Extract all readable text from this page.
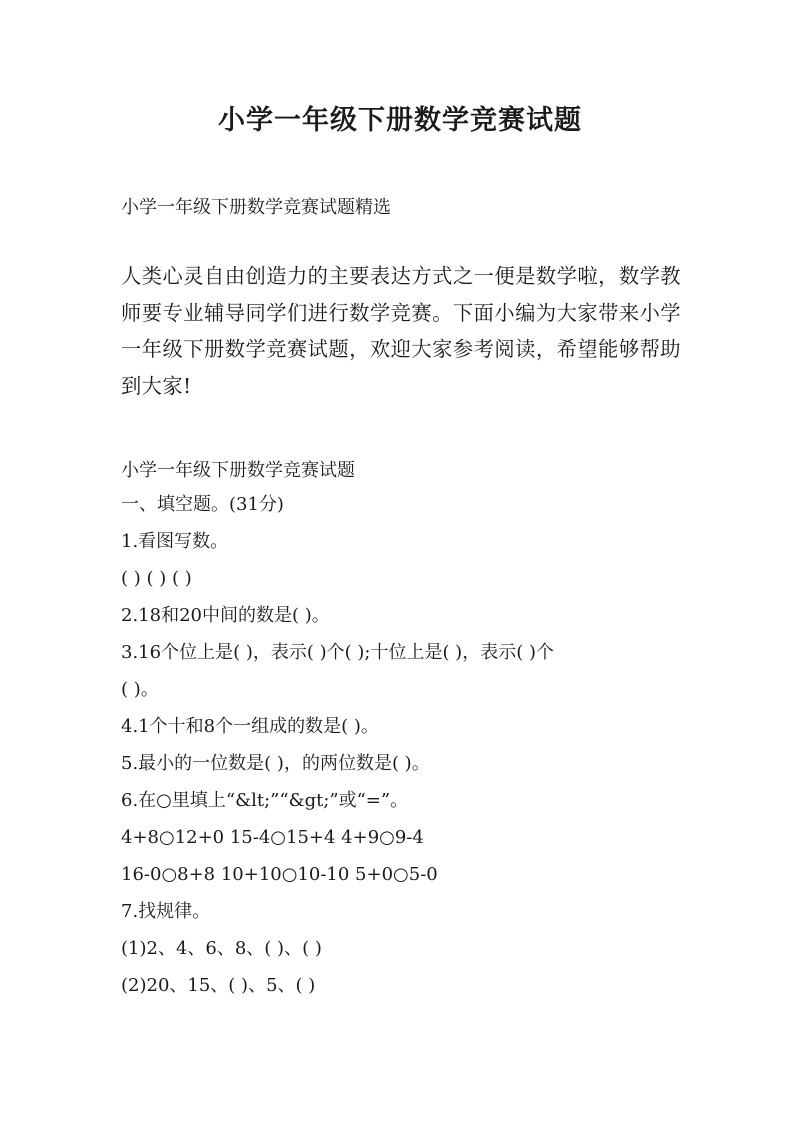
小学一年级下册数学竞赛试题

小学一年级下册数学竞赛试题精选

人类心灵自由创造力的主要表达方式之一便是数学啦，数学教师要专业辅导同学们进行数学竞赛。下面小编为大家带来小学一年级下册数学竞赛试题，欢迎大家参考阅读，希望能够帮助到大家!

小学一年级下册数学竞赛试题

一、填空题。(31分)
1.看图写数。
( ) ( ) ( )
2.18和20中间的数是( )。
3.16个位上是( )，表示( )个( );十位上是( )，表示( )个
( )。
4.1个十和8个一组成的数是( )。
5.最小的一位数是( )，的两位数是( )。
6.在○里填上“&lt;”“&gt;”或“=”。
4+8○12+0 15-4○15+4 4+9○9-4
16-0○8+8 10+10○10-10 5+0○5-0
7.找规律。
(1)2、4、6、8、( )、( )
(2)20、15、( )、5、( )
